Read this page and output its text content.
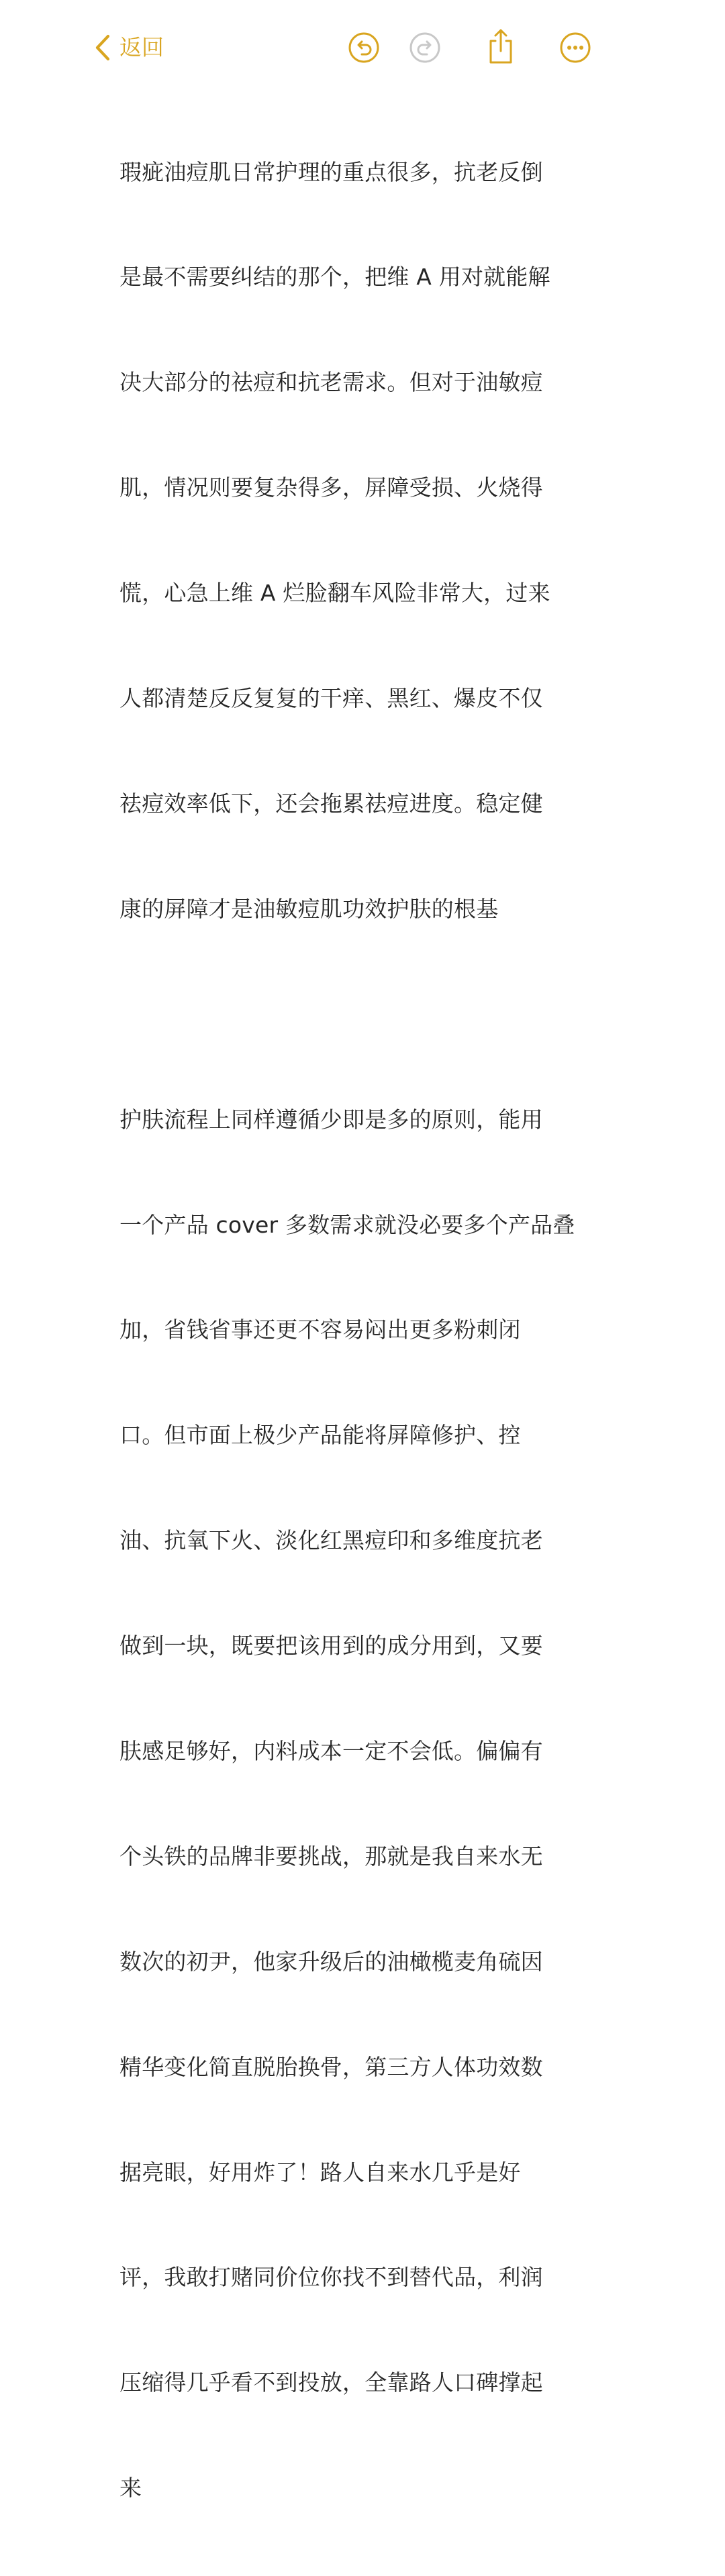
返回

瑕疵油痘肌日常护理的重点很多，抗老反倒

是最不需要纠结的那个，把维 A 用对就能解

决大部分的祛痘和抗老需求。但对于油敏痘

肌，情况则要复杂得多，屏障受损、火烧得

慌，心急上维 A 烂脸翻车风险非常大，过来

人都清楚反反复复的干痒、黑红、爆皮不仅

祛痘效率低下，还会拖累祛痘进度。稳定健

康的屏障才是油敏痘肌功效护肤的根基

护肤流程上同样遵循少即是多的原则，能用

一个产品 cover 多数需求就没必要多个产品叠

加，省钱省事还更不容易闷出更多粉刺闭

口。但市面上极少产品能将屏障修护、控

油、抗氧下火、淡化红黑痘印和多维度抗老

做到一块，既要把该用到的成分用到，又要

肤感足够好，内料成本一定不会低。偏偏有

个头铁的品牌非要挑战，那就是我自来水无

数次的初尹，他家升级后的油橄榄麦角硫因

精华变化简直脱胎换骨，第三方人体功效数

据亮眼，好用炸了！路人自来水几乎是好

评，我敢打赌同价位你找不到替代品，利润

压缩得几乎看不到投放，全靠路人口碑撑起

来
